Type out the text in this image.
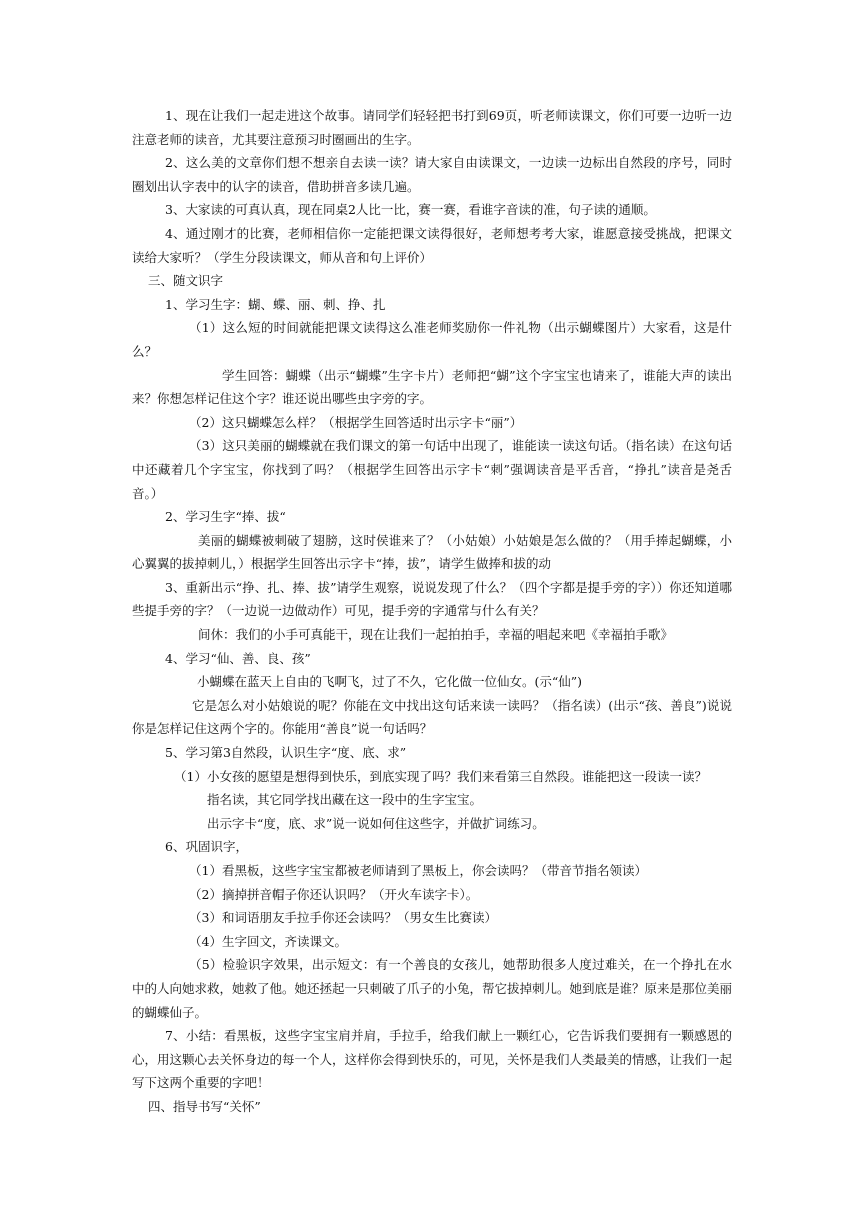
1、现在让我们一起走进这个故事。请同学们轻轻把书打到69页，听老师读课文，你们可要一边听一边注意老师的读音，尤其要注意预习时圈画出的生字。

2、这么美的文章你们想不想亲自去读一读？请大家自由读课文，一边读一边标出自然段的序号，同时圈划出认字表中的认字的读音，借助拼音多读几遍。

3、大家读的可真认真，现在同桌2人比一比，赛一赛，看谁字音读的准，句子读的通顺。

4、通过刚才的比赛，老师相信你一定能把课文读得很好，老师想考考大家，谁愿意接受挑战，把课文读给大家听？（学生分段读课文，师从音和句上评价）

三、随文识字

1、学习生字：蝴、蝶、丽、刺、挣、扎

（1）这么短的时间就能把课文读得这么准老师奖励你一件礼物（出示蝴蝶图片）大家看，这是什么？

学生回答：蝴蝶（出示“蝴蝶”生字卡片）老师把“蝴”这个字宝宝也请来了，谁能大声的读出来？你想怎样记住这个字？谁还说出哪些虫字旁的字。

（2）这只蝴蝶怎么样？（根据学生回答适时出示字卡“丽”）

（3）这只美丽的蝴蝶就在我们课文的第一句话中出现了，谁能读一读这句话。（指名读）在这句话中还藏着几个字宝宝，你找到了吗？（根据学生回答出示字卡“刺”强调读音是平舌音，“挣扎”读音是尧舌音。）

2、学习生字“捧、拔“

美丽的蝴蝶被刺破了翅膀，这时侯谁来了？（小姑娘）小姑娘是怎么做的？（用手捧起蝴蝶，小心翼翼的拔掉刺儿，）根据学生回答出示字卡“捧，拔”，请学生做捧和拔的动

3、重新出示“挣、扎、捧、拔”请学生观察，说说发现了什么？（四个字都是提手旁的字））你还知道哪些提手旁的字？（一边说一边做动作）可见，提手旁的字通常与什么有关？

间休：我们的小手可真能干，现在让我们一起拍拍手，幸福的唱起来吧《幸福拍手歌》

4、学习“仙、善、良、孩”

小蝴蝶在蓝天上自由的飞啊飞，过了不久，它化做一位仙女。(示“仙”)

它是怎么对小姑娘说的呢？你能在文中找出这句话来读一读吗？（指名读）(出示“孩、善良”)说说你是怎样记住这两个字的。你能用“善良”说一句话吗？

5、学习第3自然段，认识生字“度、底、求”

（1）小女孩的愿望是想得到快乐，到底实现了吗？我们来看第三自然段。谁能把这一段读一读？

指名读，其它同学找出藏在这一段中的生字宝宝。

出示字卡“度，底、求”说一说如何住这些字，并做扩词练习。

6、巩固识字，

（1）看黑板，这些字宝宝都被老师请到了黑板上，你会读吗？（带音节指名领读）

（2）摘掉拼音帽子你还认识吗？（开火车读字卡）。

（3）和词语朋友手拉手你还会读吗？（男女生比赛读）

（4）生字回文，齐读课文。

（5）检验识字效果，出示短文：有一个善良的女孩儿，她帮助很多人度过难关，在一个挣扎在水中的人向她求救，她救了他。她还拯起一只刺破了爪子的小兔，帮它拔掉刺儿。她到底是谁？原来是那位美丽的蝴蝶仙子。

7、小结：看黑板，这些字宝宝肩并肩，手拉手，给我们献上一颗红心，它告诉我们要拥有一颗感恩的心，用这颗心去关怀身边的每一个人，这样你会得到快乐的，可见，关怀是我们人类最美的情感，让我们一起写下这两个重要的字吧！

四、指导书写“关怀”
